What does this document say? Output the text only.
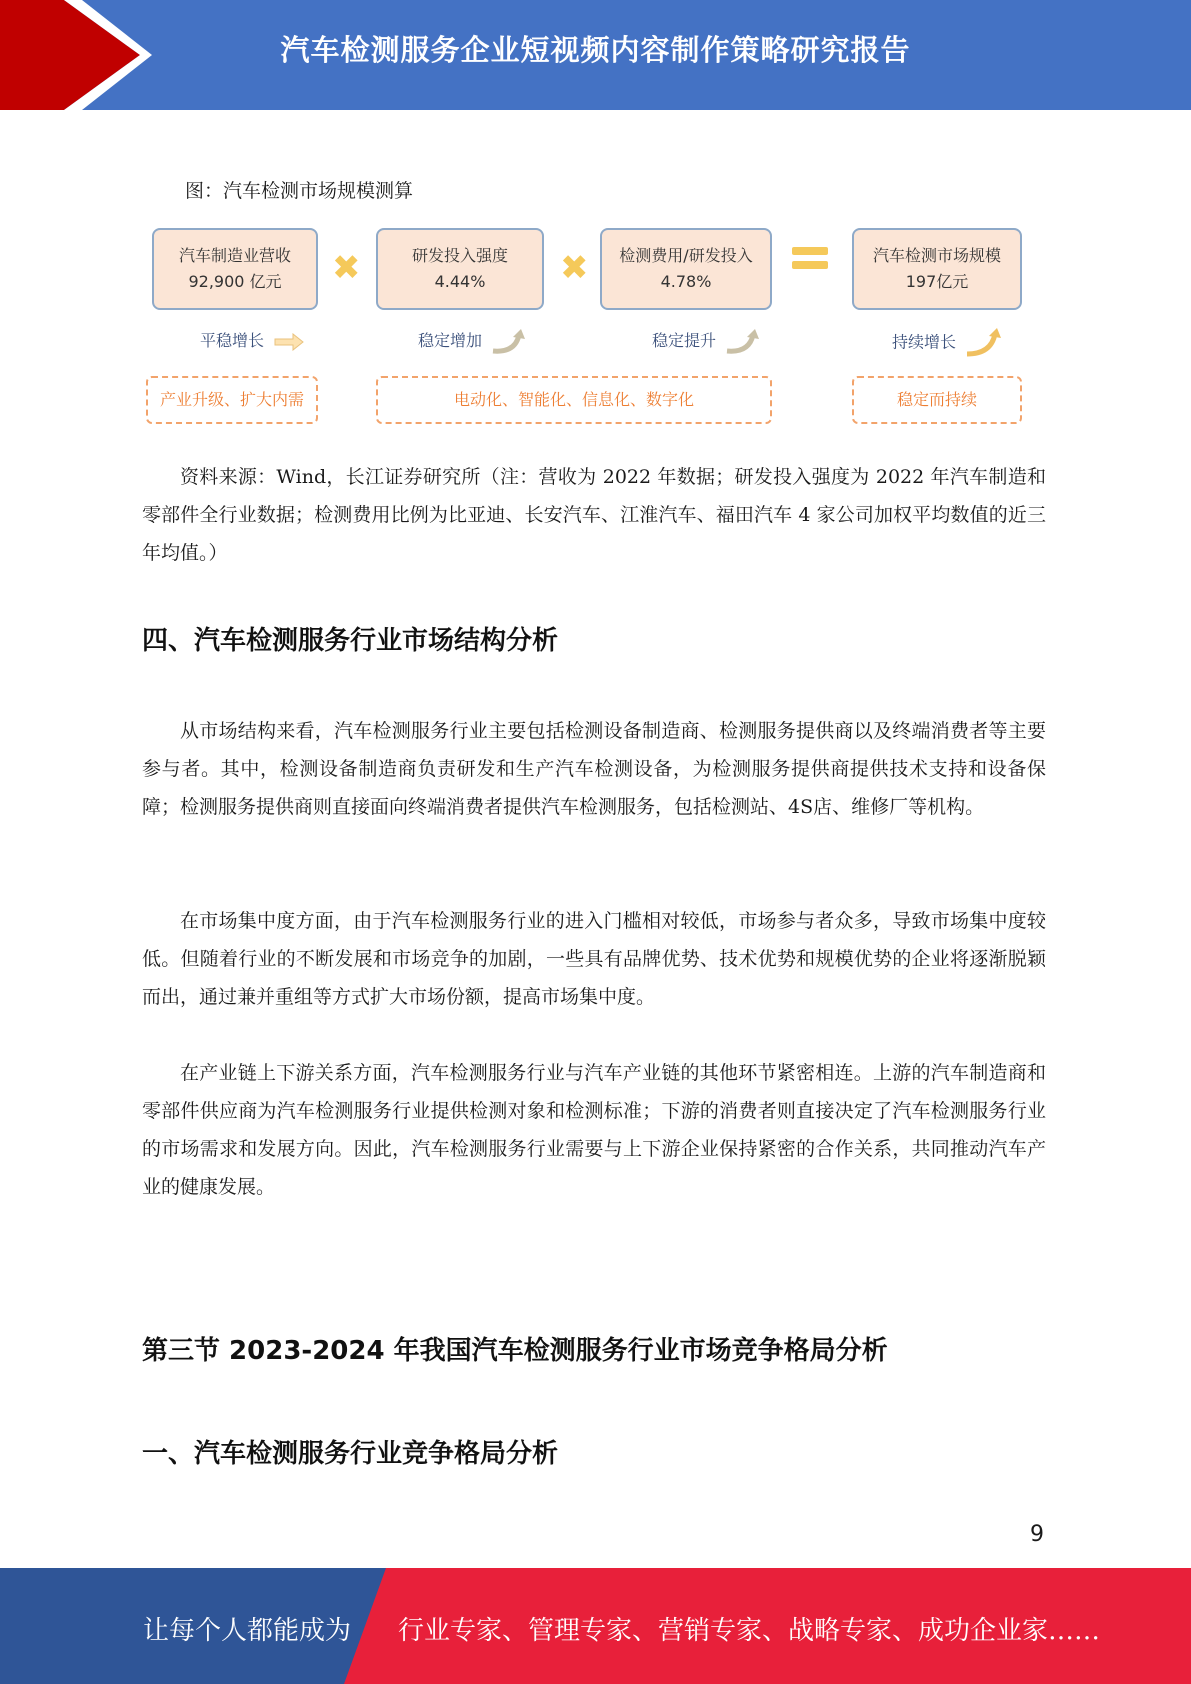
汽车检测服务企业短视频内容制作策略研究报告
图：汽车检测市场规模测算
汽车制造业营收
92,900 亿元	✖	研发投入强度
4.44%	✖	检测费用/研发投入
4.78%
汽车检测市场规模
197亿元
平稳增长	稳定增加	稳定提升	持续增长
产业升级、扩大内需	电动化、智能化、信息化、数字化	稳定而持续

资料来源：Wind，长江证券研究所（注：营收为 2022 年数据；研发投入强度为 2022 年汽车制造和零部件全行业数据；检测费用比例为比亚迪、长安汽车、江淮汽车、福田汽车 4 家公司加权平均数值的近三年均值。）

四、汽车检测服务行业市场结构分析

从市场结构来看，汽车检测服务行业主要包括检测设备制造商、检测服务提供商以及终端消费者等主要参与者。其中，检测设备制造商负责研发和生产汽车检测设备，为检测服务提供商提供技术支持和设备保障；检测服务提供商则直接面向终端消费者提供汽车检测服务，包括检测站、4S店、维修厂等机构。

在市场集中度方面，由于汽车检测服务行业的进入门槛相对较低，市场参与者众多，导致市场集中度较低。但随着行业的不断发展和市场竞争的加剧，一些具有品牌优势、技术优势和规模优势的企业将逐渐脱颖而出，通过兼并重组等方式扩大市场份额，提高市场集中度。

在产业链上下游关系方面，汽车检测服务行业与汽车产业链的其他环节紧密相连。上游的汽车制造商和零部件供应商为汽车检测服务行业提供检测对象和检测标准；下游的消费者则直接决定了汽车检测服务行业的市场需求和发展方向。因此，汽车检测服务行业需要与上下游企业保持紧密的合作关系，共同推动汽车产业的健康发展。

第三节 2023-2024 年我国汽车检测服务行业市场竞争格局分析
一、汽车检测服务行业竞争格局分析
9
让每个人都能成为 行业专家、管理专家、营销专家、战略专家、成功企业家……
